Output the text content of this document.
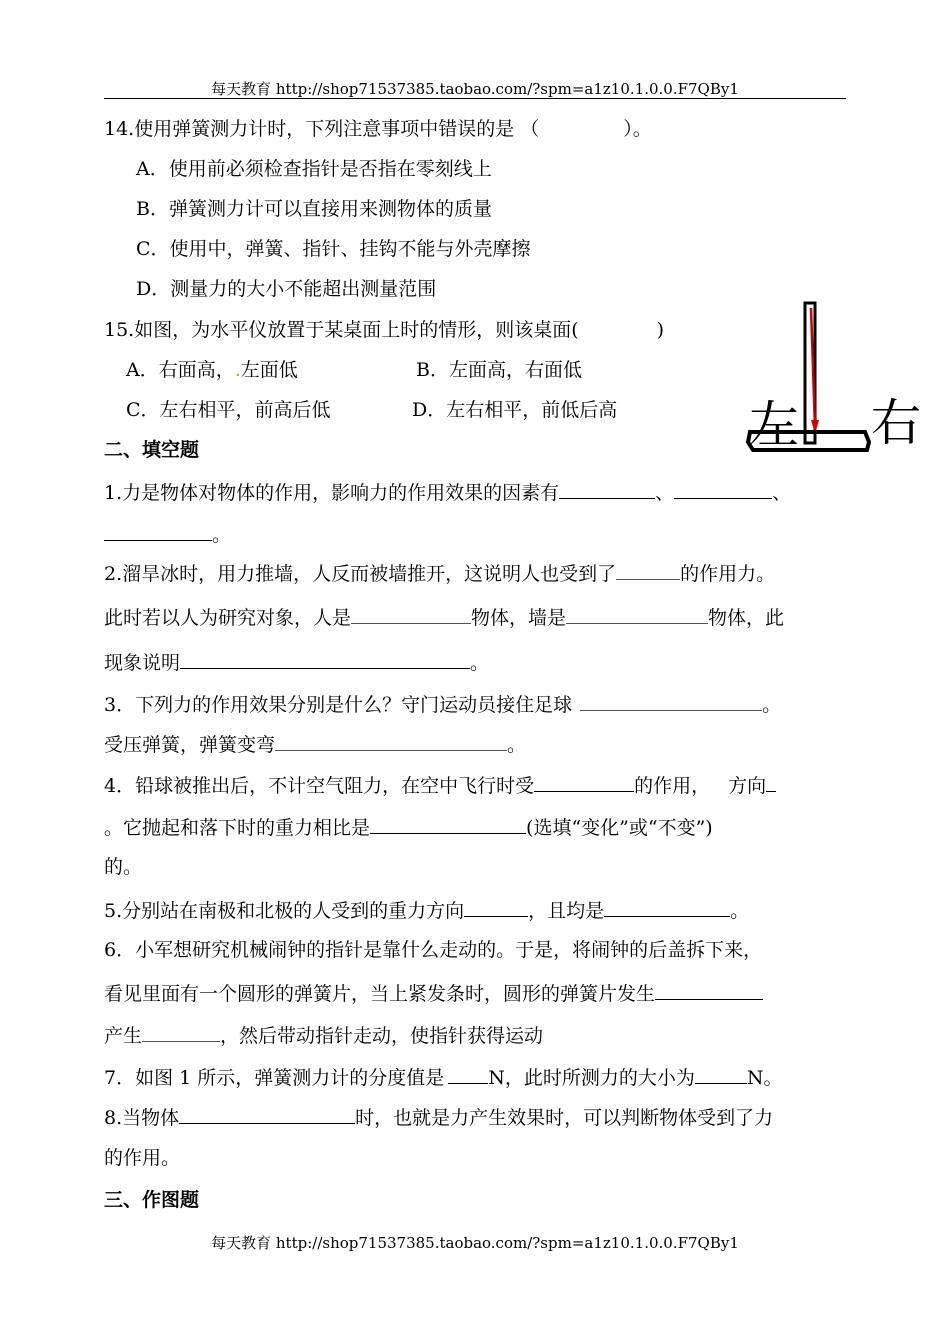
每天教育 http://shop71537385.taobao.com/?spm=a1z10.1.0.0.F7QBy1
14.使用弹簧测力计时，下列注意事项中错误的是 （	）。
A．使用前必须检查指针是否指在零刻线上
B．弹簧测力计可以直接用来测物体的质量
C．使用中，弹簧、指针、挂钩不能与外壳摩擦
D．测量力的大小不能超出测量范围
15.如图，为水平仪放置于某桌面上时的情形，则该桌面(	)
A．右面高，.左面低	B．左面高，右面低
C．左右相平，前高后低	D．左右相平，前低后高	左 右
二、填空题
1.力是物体对物体的作用，影响力的作用效果的因素有	、	、
。
2.溜旱冰时，用力推墙，人反而被墙推开，这说明人也受到了	的作用力。
此时若以人为研究对象，人是	物体，墙是	物体，此
现象说明	。
3．下列力的作用效果分别是什么？守门运动员接住足球	。
受压弹簧，弹簧变弯	。
4．铅球被推出后，不计空气阻力，在空中飞行时受	的作用， 方向
。它抛起和落下时的重力相比是	(选填“变化”或“不变”)
的。
5.分别站在南极和北极的人受到的重力方向	，且均是	。
6．小军想研究机械闹钟的指针是靠什么走动的。于是，将闹钟的后盖拆下来，
看见里面有一个圆形的弹簧片，当上紧发条时，圆形的弹簧片发生
产生	，然后带动指针走动，使指针获得运动
7．如图 1 所示，弹簧测力计的分度值是 N，此时所测力的大小为	N。
8.当物体	时，也就是力产生效果时，可以判断物体受到了力
的作用。
三、作图题
每天教育 http://shop71537385.taobao.com/?spm=a1z10.1.0.0.F7QBy1
